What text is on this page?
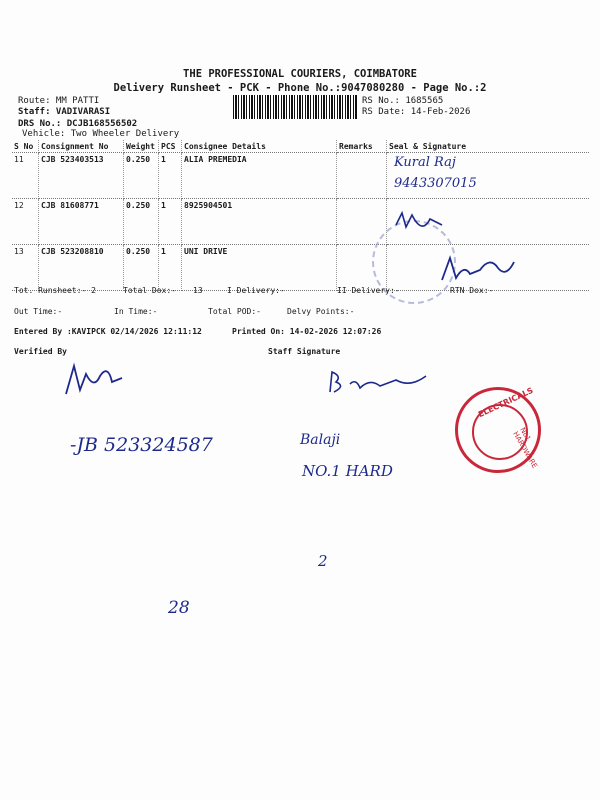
THE PROFESSIONAL COURIERS, COIMBATORE
Delivery Runsheet - PCK - Phone No.:9047080280 - Page No.:2
Route: MM PATTI
Staff: VADIVARASI
DRS No.: DCJB168556502
Vehicle: Two Wheeler Delivery
RS No.: 1685565
RS Date: 14-Feb-2026
S No	Consignment No	Weight	PCS	Consignee Details	Remarks	Seal & Signature
11	CJB 523403513	0.250	1	ALIA PREMEDIA		
12	CJB 81608771	0.250	1	8925904501		
13	CJB 523208810	0.250	1	UNI DRIVE		
Tot. Runsheet:- 2	Total Dox:- 13	I Delivery:-	II Delivery:-	RTN Dox:-
Out Time:-	In Time:-	Total POD:-	Delvy Points:-
Entered By :KAVIPCK 02/14/2026 12:11:12	Printed On: 14-02-2026 12:07:26
Verified By	Staff Signature
Kural Raj
9443307015
-JB 523324587	Balaji
NO.1 HARD
2
28
ELECTRICALS
No1 HARDWARE
